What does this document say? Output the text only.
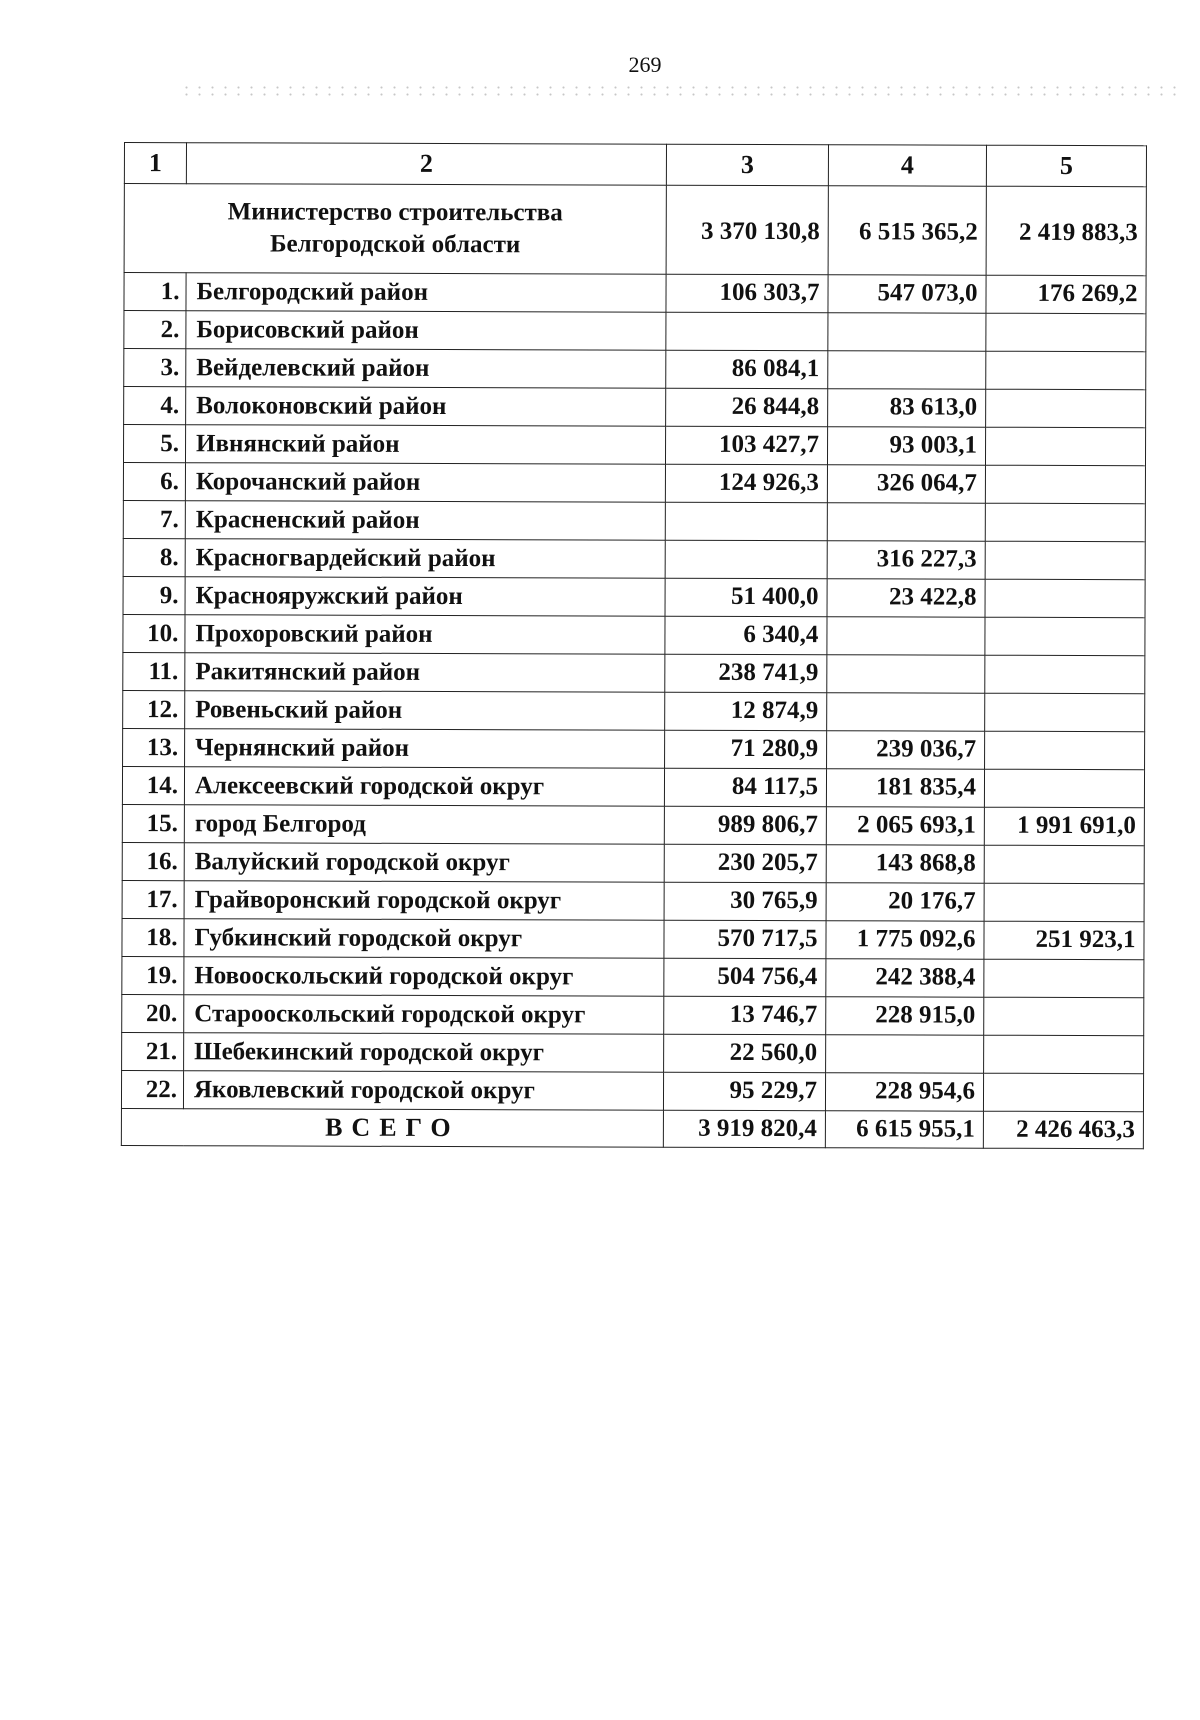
269
1	2	3	4	5
Министерство строительства
Белгородской области		3 370 130,8	6 515 365,2	2 419 883,3
1.	Белгородский район	106 303,7	547 073,0	176 269,2
2.	Борисовский район			
3.	Вейделевский район	86 084,1		
4.	Волоконовский район	26 844,8	83 613,0	
5.	Ивнянский район	103 427,7	93 003,1	
6.	Корочанский район	124 926,3	326 064,7	
7.	Красненский район			
8.	Красногвардейский район		316 227,3	
9.	Краснояружский район	51 400,0	23 422,8	
10.	Прохоровский район	6 340,4		
11.	Ракитянский район	238 741,9		
12.	Ровеньский район	12 874,9		
13.	Чернянский район	71 280,9	239 036,7	
14.	Алексеевский городской округ	84 117,5	181 835,4	
15.	город Белгород	989 806,7	2 065 693,1	1 991 691,0
16.	Валуйский городской округ	230 205,7	143 868,8	
17.	Грайворонский городской округ	30 765,9	20 176,7	
18.	Губкинский городской округ	570 717,5	1 775 092,6	251 923,1
19.	Новооскольский городской округ	504 756,4	242 388,4	
20.	Старооскольский городской округ	13 746,7	228 915,0	
21.	Шебекинский городской округ	22 560,0		
22.	Яковлевский городской округ	95 229,7	228 954,6	
ВСЕГО		3 919 820,4	6 615 955,1	2 426 463,3
